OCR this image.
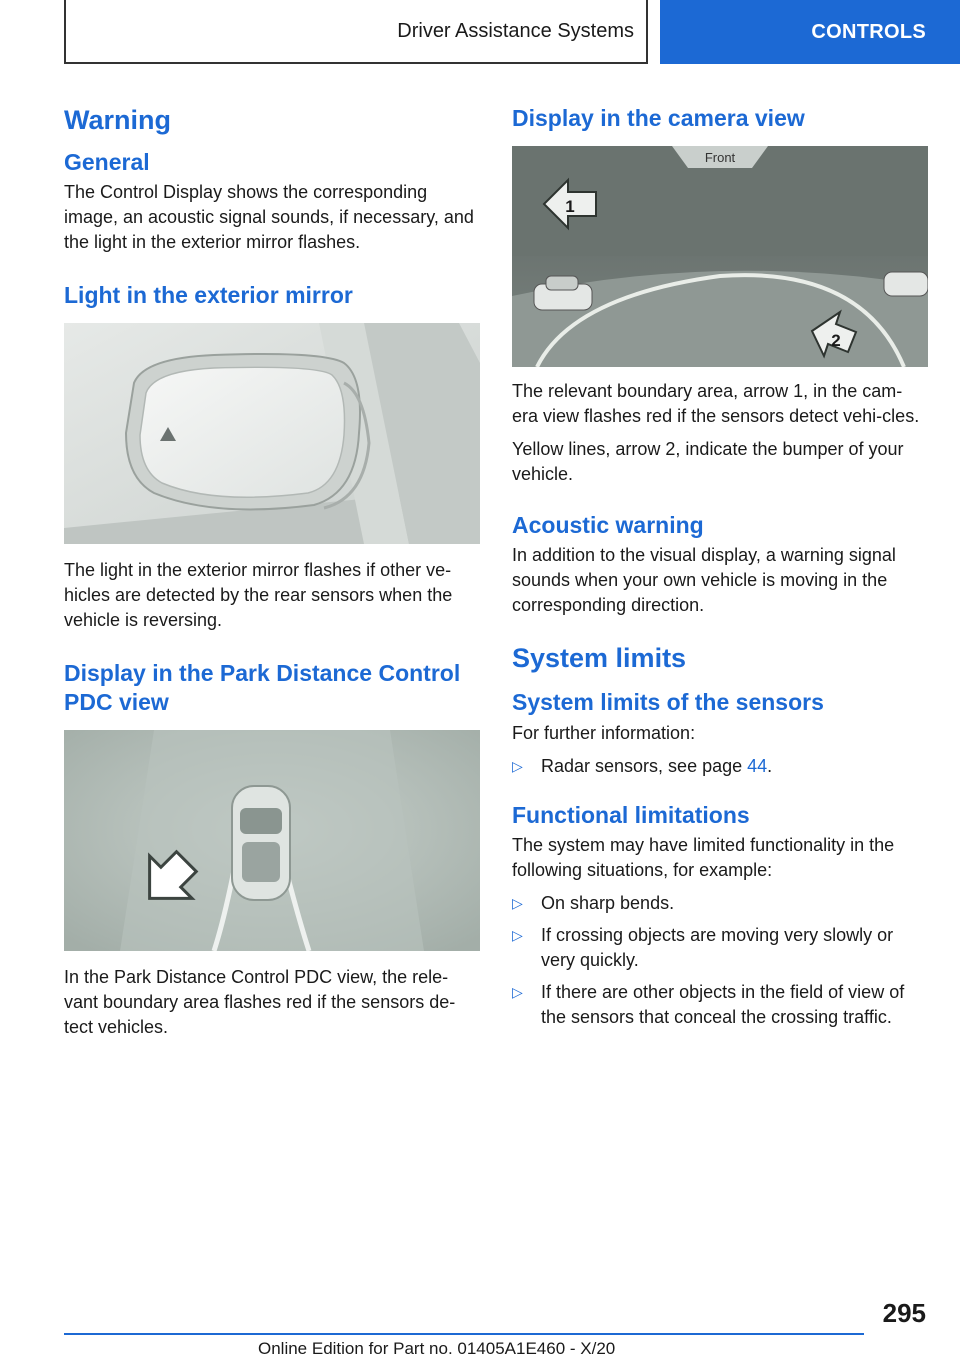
Driver Assistance Systems	CONTROLS
Warning
General

The Control Display shows the corresponding image, an acoustic signal sounds, if necessary, and the light in the exterior mirror flashes.

Light in the exterior mirror

The light in the exterior mirror flashes if other ve-hicles are detected by the rear sensors when the vehicle is reversing.

Display in the Park Distance Control PDC view

In the Park Distance Control PDC view, the rele-vant boundary area flashes red if the sensors de-tect vehicles.

Display in the camera view
Front
1
2

The relevant boundary area, arrow 1, in the cam-era view flashes red if the sensors detect vehi-cles.

Yellow lines, arrow 2, indicate the bumper of your vehicle.

Acoustic warning

In addition to the visual display, a warning signal sounds when your own vehicle is moving in the corresponding direction.

System limits
System limits of the sensors

For further information:

▷ Radar sensors, see page 44.
Functional limitations

The system may have limited functionality in the following situations, for example:

▷ On sharp bends.
▷ If crossing objects are moving very slowly or very quickly.
▷ If there are other objects in the field of view of the sensors that conceal the crossing traffic.
295
Online Edition for Part no. 01405A1E460 - X/20
